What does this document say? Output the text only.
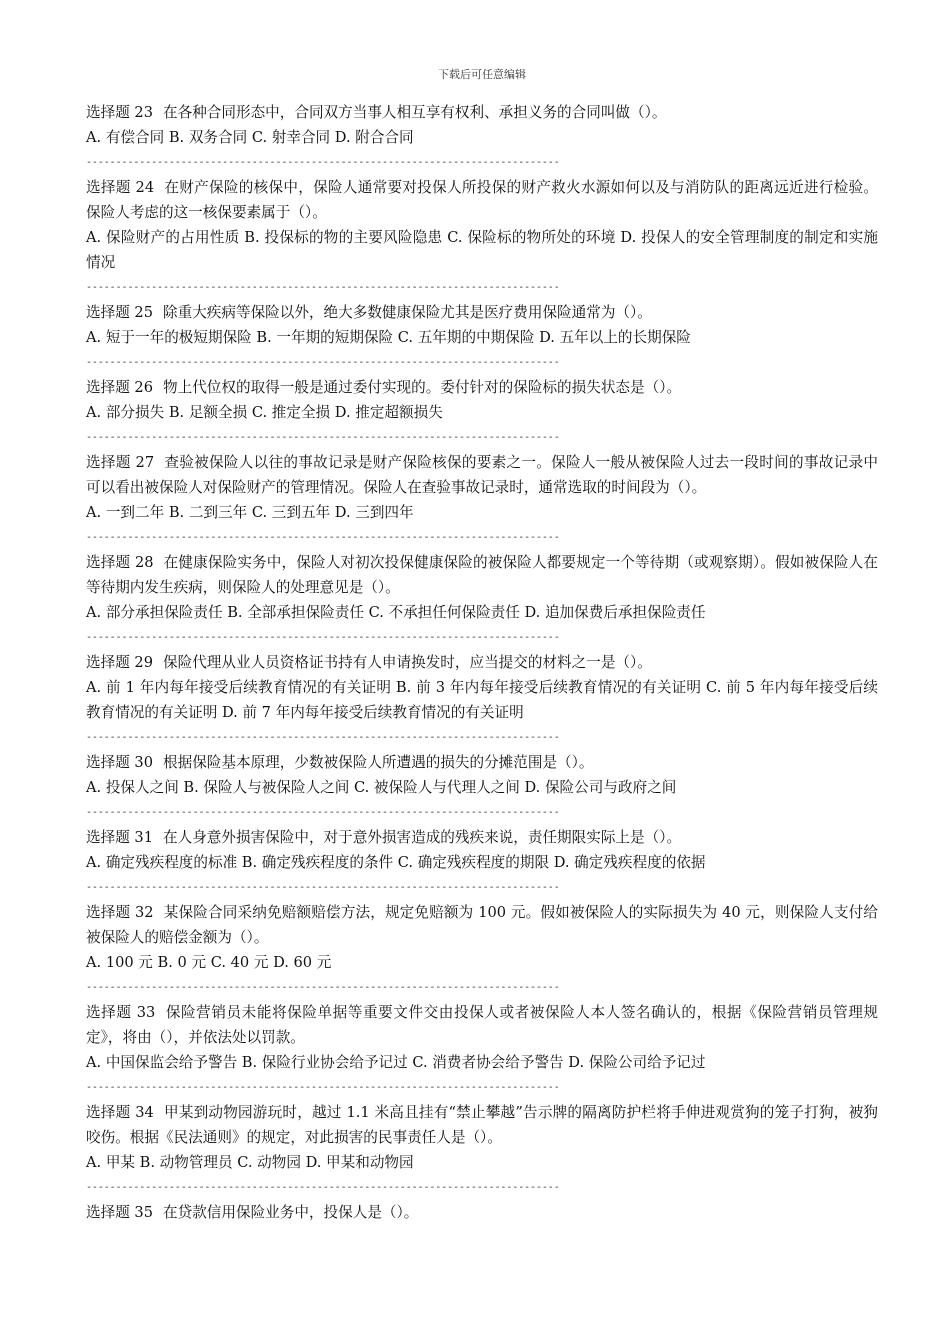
下载后可任意编辑

选择题 23 在各种合同形态中，合同双方当事人相互享有权利、承担义务的合同叫做（）。

A. 有偿合同 B. 双务合同 C. 射幸合同 D. 附合合同

--------------------------------------------------------------------------------

选择题 24 在财产保险的核保中，保险人通常要对投保人所投保的财产救火水源如何以及与消防队的距离远近进行检验。保险人考虑的这一核保要素属于（）。

A. 保险财产的占用性质 B. 投保标的物的主要风险隐患 C. 保险标的物所处的环境 D. 投保人的安全管理制度的制定和实施情况

--------------------------------------------------------------------------------

选择题 25 除重大疾病等保险以外，绝大多数健康保险尤其是医疗费用保险通常为（）。

A. 短于一年的极短期保险 B. 一年期的短期保险 C. 五年期的中期保险 D. 五年以上的长期保险

--------------------------------------------------------------------------------

选择题 26 物上代位权的取得一般是通过委付实现的。委付针对的保险标的损失状态是（）。

A. 部分损失 B. 足额全损 C. 推定全损 D. 推定超额损失

--------------------------------------------------------------------------------

选择题 27 查验被保险人以往的事故记录是财产保险核保的要素之一。保险人一般从被保险人过去一段时间的事故记录中可以看出被保险人对保险财产的管理情况。保险人在查验事故记录时，通常选取的时间段为（）。

A. 一到二年 B. 二到三年 C. 三到五年 D. 三到四年

--------------------------------------------------------------------------------

选择题 28 在健康保险实务中，保险人对初次投保健康保险的被保险人都要规定一个等待期（或观察期）。假如被保险人在等待期内发生疾病，则保险人的处理意见是（）。

A. 部分承担保险责任 B. 全部承担保险责任 C. 不承担任何保险责任 D. 追加保费后承担保险责任

--------------------------------------------------------------------------------

选择题 29 保险代理从业人员资格证书持有人申请换发时，应当提交的材料之一是（）。

A. 前 1 年内每年接受后续教育情况的有关证明 B. 前 3 年内每年接受后续教育情况的有关证明 C. 前 5 年内每年接受后续教育情况的有关证明 D. 前 7 年内每年接受后续教育情况的有关证明

--------------------------------------------------------------------------------

选择题 30 根据保险基本原理，少数被保险人所遭遇的损失的分摊范围是（）。

A. 投保人之间 B. 保险人与被保险人之间 C. 被保险人与代理人之间 D. 保险公司与政府之间

--------------------------------------------------------------------------------

选择题 31 在人身意外损害保险中，对于意外损害造成的残疾来说，责任期限实际上是（）。

A. 确定残疾程度的标准 B. 确定残疾程度的条件 C. 确定残疾程度的期限 D. 确定残疾程度的依据

--------------------------------------------------------------------------------

选择题 32 某保险合同采纳免赔额赔偿方法，规定免赔额为 100 元。假如被保险人的实际损失为 40 元，则保险人支付给被保险人的赔偿金额为（）。

A. 100 元 B. 0 元 C. 40 元 D. 60 元

--------------------------------------------------------------------------------

选择题 33 保险营销员未能将保险单据等重要文件交由投保人或者被保险人本人签名确认的，根据《保险营销员管理规定》，将由（），并依法处以罚款。

A. 中国保监会给予警告 B. 保险行业协会给予记过 C. 消费者协会给予警告 D. 保险公司给予记过

--------------------------------------------------------------------------------

选择题 34 甲某到动物园游玩时，越过 1.1 米高且挂有“禁止攀越”告示牌的隔离防护栏将手伸进观赏狗的笼子打狗，被狗咬伤。根据《民法通则》的规定，对此损害的民事责任人是（）。

A. 甲某 B. 动物管理员 C. 动物园 D. 甲某和动物园

--------------------------------------------------------------------------------

选择题 35 在贷款信用保险业务中，投保人是（）。
